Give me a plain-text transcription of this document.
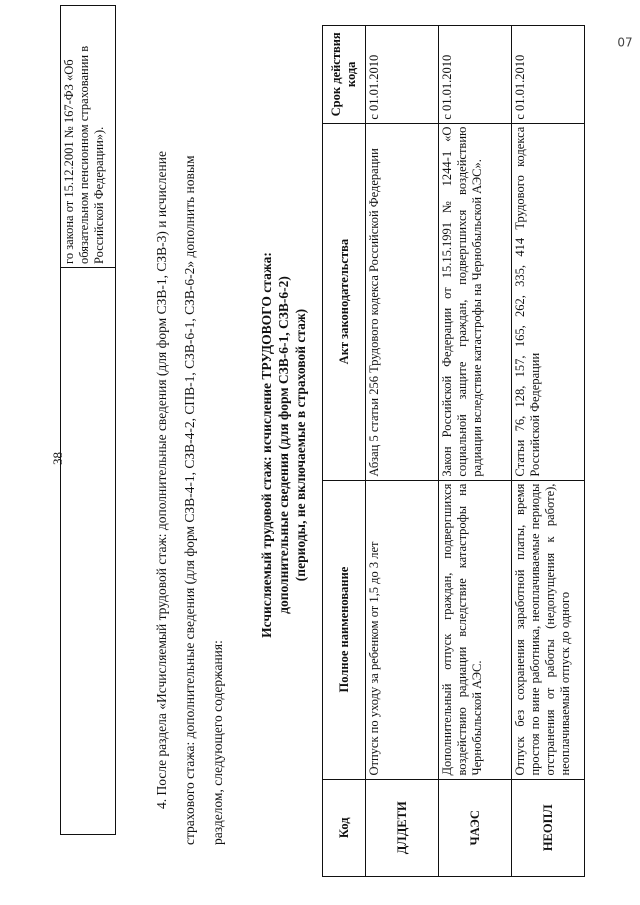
38
07
	го закона от 15.12.2001 № 167-ФЗ «Об обязательном пенсионном страховании в Российской Федерации»).	4. После раздела «Исчисляемый трудовой стаж: дополнительные сведения (для форм СЗВ-1, СЗВ-3) и исчисление страхового стажа: дополнительные сведения (для форм СЗВ-4-1, СЗВ-4-2, СПВ-1, СЗВ-6-1, СЗВ-6-2» дополнить новым разделом, следующего содержания:

Исчисляемый трудовой стаж: исчисление ТРУДОВОГО стажа: дополнительные сведения (для форм СЗВ-6-1, СЗВ-6-2) (периоды, не включаемые в страховой стаж)
Код	Полное наименование	Акт законодательства	Срок действия кода
ДЛДЕТИ	Отпуск по уходу за ребенком от 1,5 до 3 лет	Абзац 5 статьи 256 Трудового кодекса Российской Федерации	с 01.01.2010
ЧАЭС	Дополнительный отпуск граждан, подвергшихся воздействию радиации вследствие катастрофы на Чернобыльской АЭС.	Закон Российской Федерации от 15.15.1991 № 1244-1 «О социальной защите граждан, подвергшихся воздействию радиации вследствие катастрофы на Чернобыльской АЭС».	с 01.01.2010
НЕОПЛ	Отпуск без сохранения заработной платы, время простоя по вине работника, неоплачиваемые периоды отстранения от работы (недопущения к работе), неоплачиваемый отпуск до одного	Статьи 76, 128, 157, 165, 262, 335, 414 Трудового кодекса Российской Федерации	с 01.01.2010
